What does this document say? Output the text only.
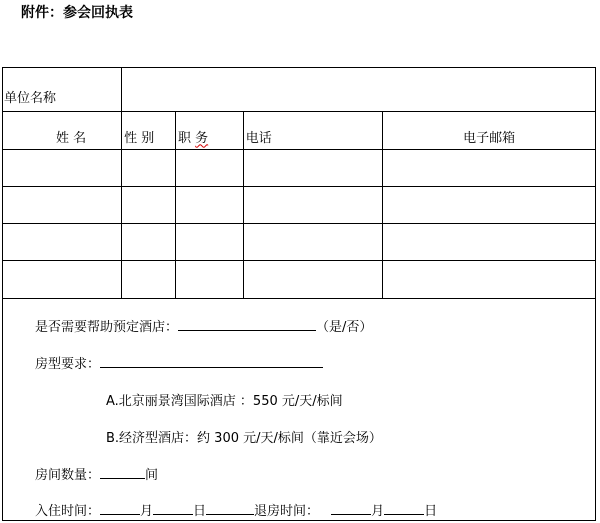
附件：参会回执表
单位名称				
姓 名	性 别	职 务	电话	电子邮箱

是否需要帮助预定酒店：	（是/否）
房型要求：
A.北京丽景湾国际酒店 ：550 元/天/标间
B.经济型酒店：约 300 元/天/标间（靠近会场）
房间数量：	间
入住时间：	月	日	退房时间：	月	日
